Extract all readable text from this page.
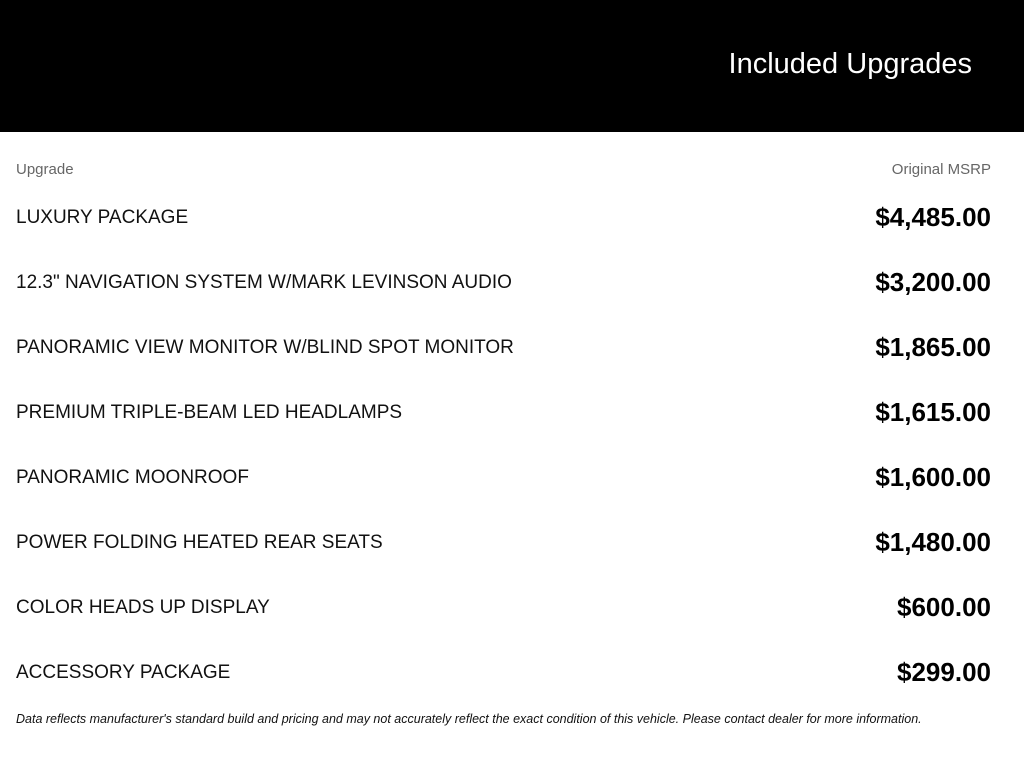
Included Upgrades
Upgrade	Original MSRP
LUXURY PACKAGE	$4,485.00
12.3" NAVIGATION SYSTEM W/MARK LEVINSON AUDIO	$3,200.00
PANORAMIC VIEW MONITOR W/BLIND SPOT MONITOR	$1,865.00
PREMIUM TRIPLE-BEAM LED HEADLAMPS	$1,615.00
PANORAMIC MOONROOF	$1,600.00
POWER FOLDING HEATED REAR SEATS	$1,480.00
COLOR HEADS UP DISPLAY	$600.00
ACCESSORY PACKAGE	$299.00
Data reflects manufacturer's standard build and pricing and may not accurately reflect the exact condition of this vehicle. Please contact dealer for more information.
